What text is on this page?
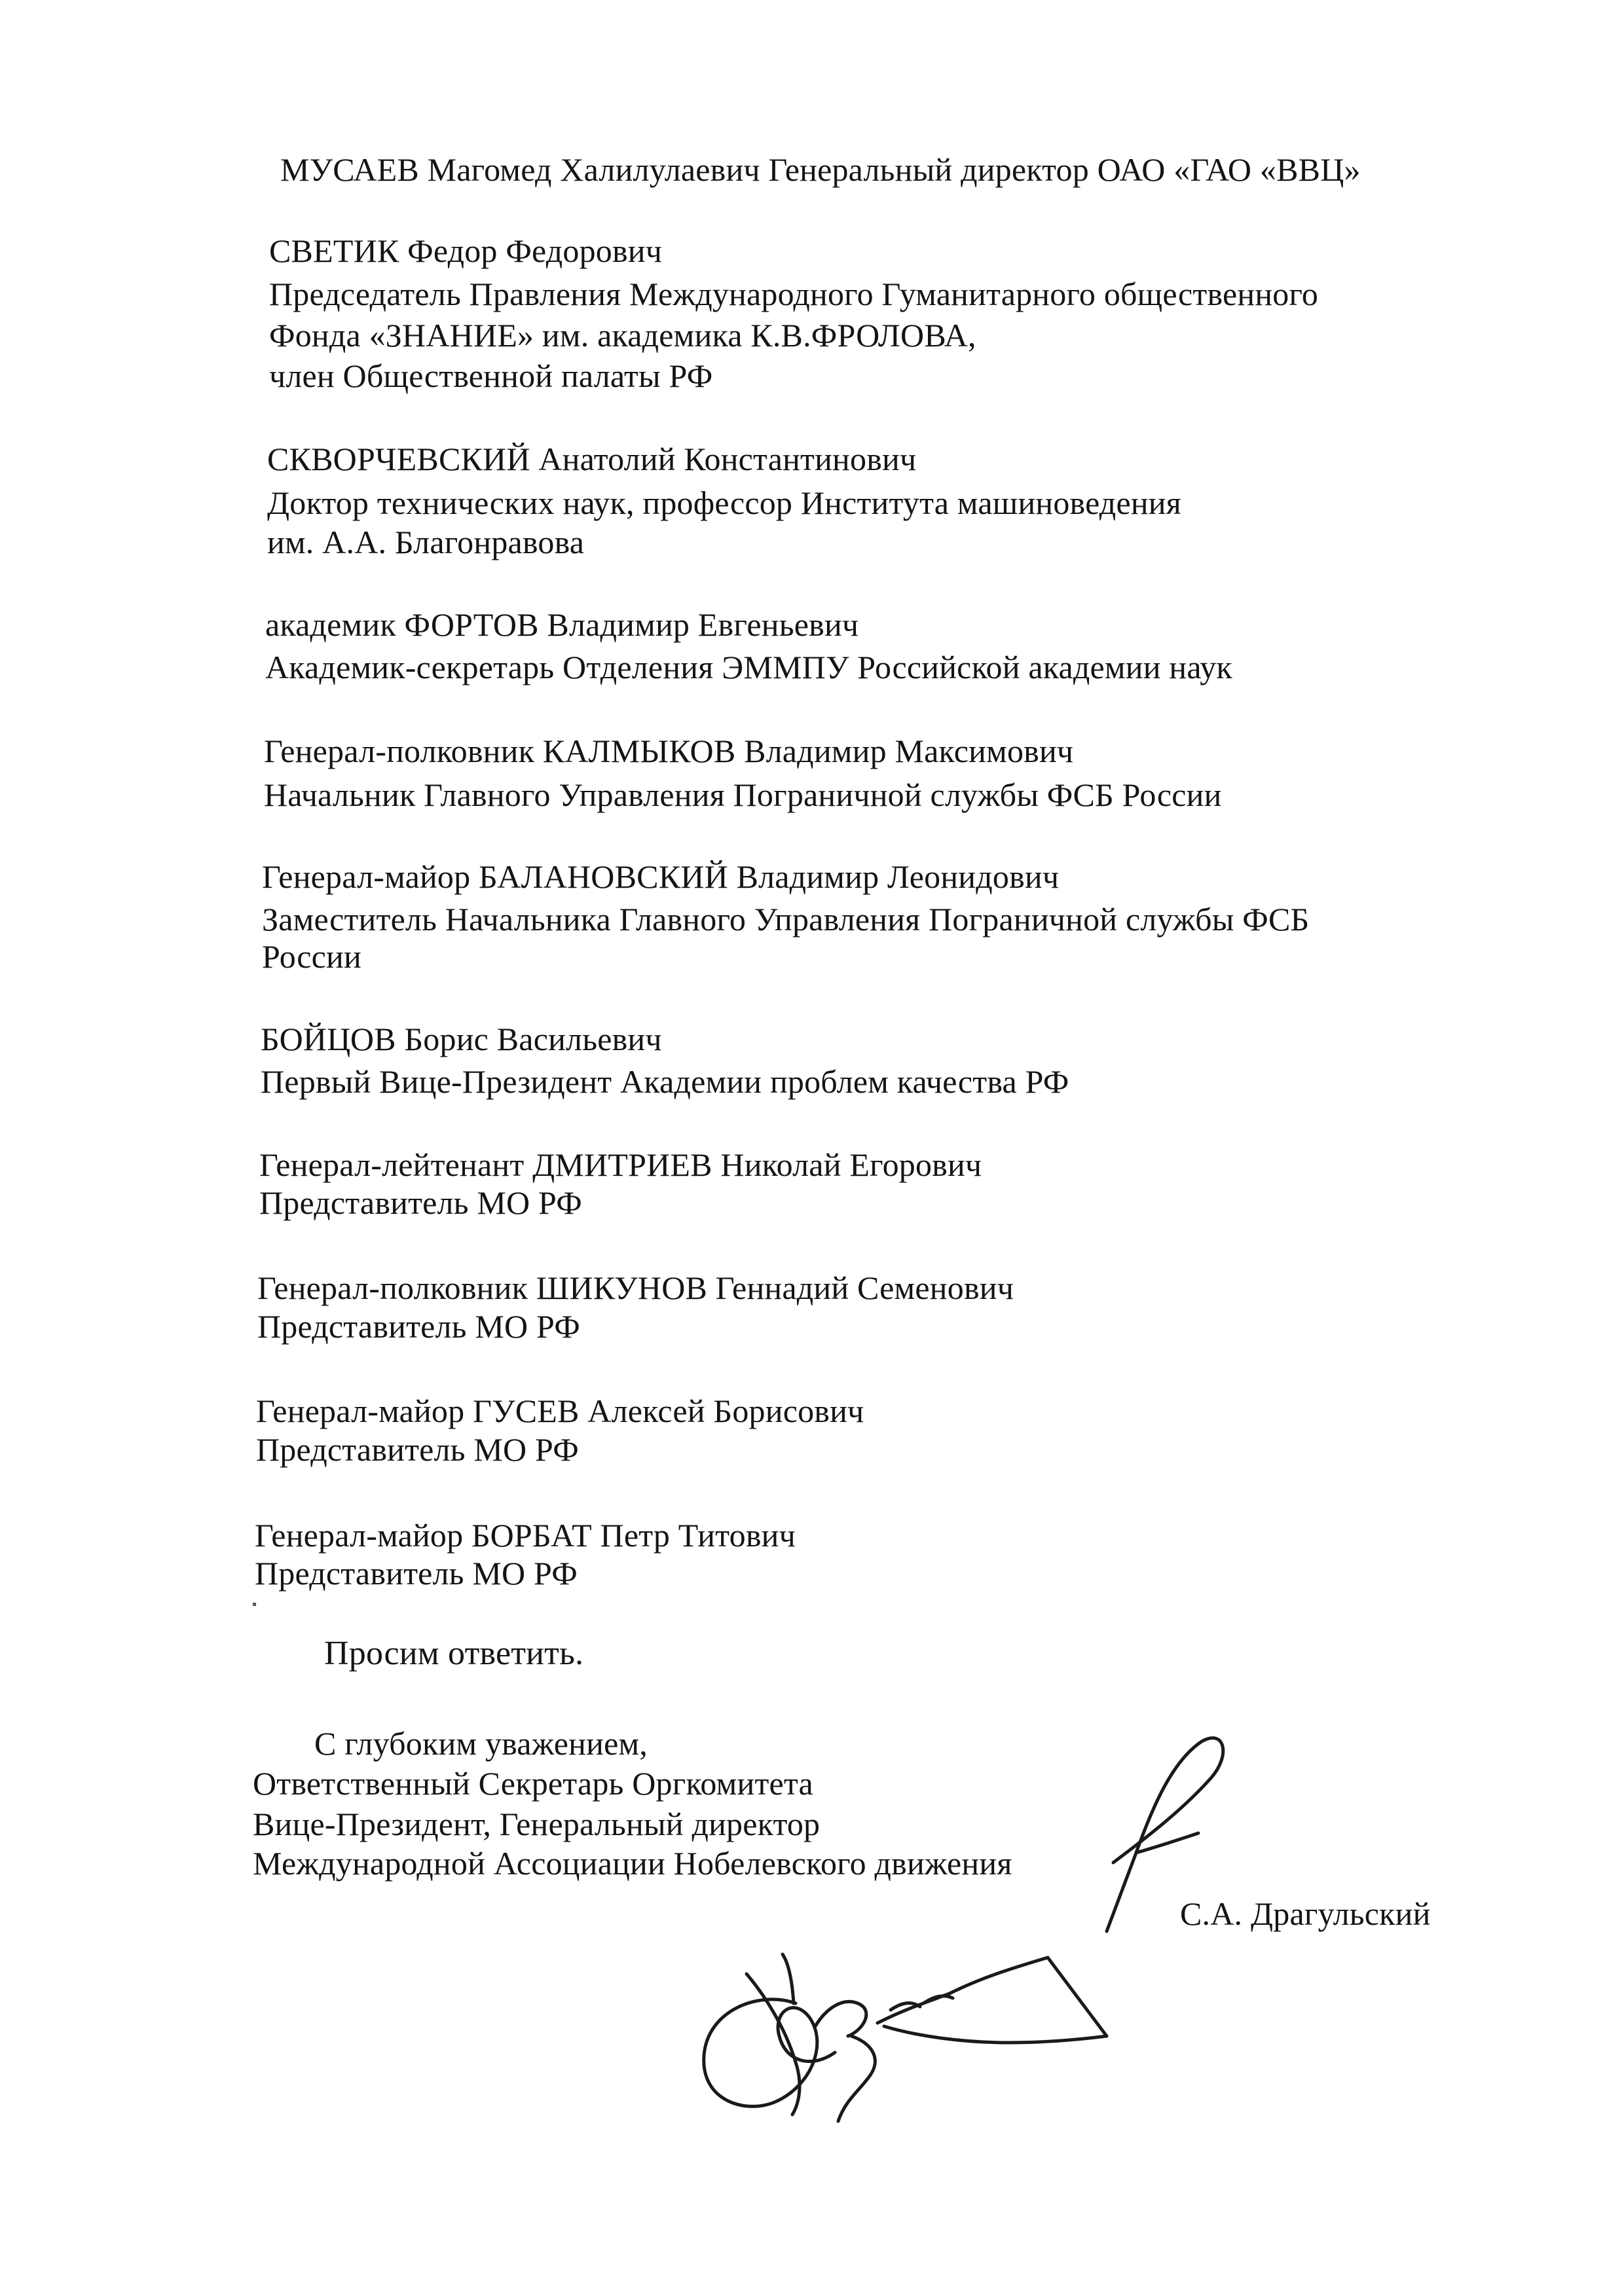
МУСАЕВ Магомед Халилулаевич Генеральный директор ОАО «ГАО «ВВЦ»
СВЕТИК Федор Федорович
Председатель Правления Международного Гуманитарного общественного
Фонда «ЗНАНИЕ» им. академика К.В.ФРОЛОВА,
член Общественной палаты РФ
СКВОРЧЕВСКИЙ Анатолий Константинович
Доктор технических наук, профессор Института машиноведения
им. А.А. Благонравова
академик ФОРТОВ Владимир Евгеньевич
Академик-секретарь Отделения ЭММПУ Российской академии наук
Генерал-полковник КАЛМЫКОВ Владимир Максимович
Начальник Главного Управления Пограничной службы ФСБ России
Генерал-майор БАЛАНОВСКИЙ Владимир Леонидович
Заместитель Начальника Главного Управления Пограничной службы ФСБ
России
БОЙЦОВ Борис Васильевич
Первый Вице-Президент Академии проблем качества РФ
Генерал-лейтенант ДМИТРИЕВ Николай Егорович
Представитель МО РФ
Генерал-полковник ШИКУНОВ Геннадий Семенович
Представитель МО РФ
Генерал-майор ГУСЕВ Алексей Борисович
Представитель МО РФ
Генерал-майор БОРБАТ Петр Титович
Представитель МО РФ
Просим ответить.
С глубоким уважением,
Ответственный Секретарь Оргкомитета
Вице-Президент, Генеральный директор
Международной Ассоциации Нобелевского движения
С.А. Драгульский
